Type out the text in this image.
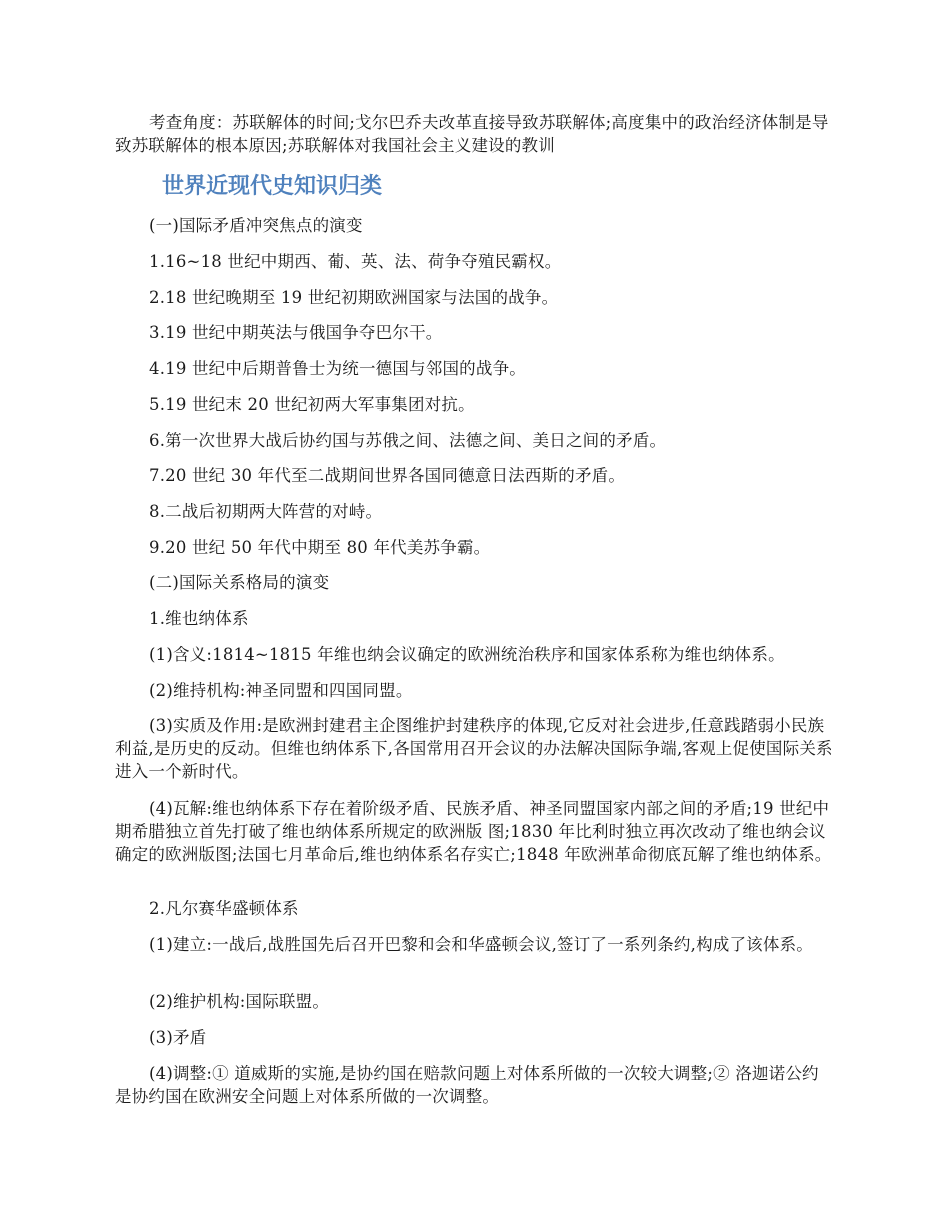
考查角度：苏联解体的时间;戈尔巴乔夫改革直接导致苏联解体;高度集中的政治经济体制是导致苏联解体的根本原因;苏联解体对我国社会主义建设的教训

世界近现代史知识归类

(一)国际矛盾冲突焦点的演变

1.16~18 世纪中期西、葡、英、法、荷争夺殖民霸权。

2.18 世纪晚期至 19 世纪初期欧洲国家与法国的战争。

3.19 世纪中期英法与俄国争夺巴尔干。

4.19 世纪中后期普鲁士为统一德国与邻国的战争。

5.19 世纪末 20 世纪初两大军事集团对抗。

6.第一次世界大战后协约国与苏俄之间、法德之间、美日之间的矛盾。

7.20 世纪 30 年代至二战期间世界各国同德意日法西斯的矛盾。

8.二战后初期两大阵营的对峙。

9.20 世纪 50 年代中期至 80 年代美苏争霸。

(二)国际关系格局的演变

1.维也纳体系

(1)含义:1814~1815 年维也纳会议确定的欧洲统治秩序和国家体系称为维也纳体系。

(2)维持机构:神圣同盟和四国同盟。

(3)实质及作用:是欧洲封建君主企图维护封建秩序的体现,它反对社会进步,任意践踏弱小民族利益,是历史的反动。但维也纳体系下,各国常用召开会议的办法解决国际争端,客观上促使国际关系进入一个新时代。

(4)瓦解:维也纳体系下存在着阶级矛盾、民族矛盾、神圣同盟国家内部之间的矛盾;19 世纪中期希腊独立首先打破了维也纳体系所规定的欧洲版 图;1830 年比利时独立再次改动了维也纳会议确定的欧洲版图;法国七月革命后,维也纳体系名存实亡;1848 年欧洲革命彻底瓦解了维也纳体系。

2.凡尔赛华盛顿体系

(1)建立:一战后,战胜国先后召开巴黎和会和华盛顿会议,签订了一系列条约,构成了该体系。

(2)维护机构:国际联盟。

(3)矛盾

(4)调整:① 道威斯的实施,是协约国在赔款问题上对体系所做的一次较大调整;② 洛迦诺公约是协约国在欧洲安全问题上对体系所做的一次调整。
